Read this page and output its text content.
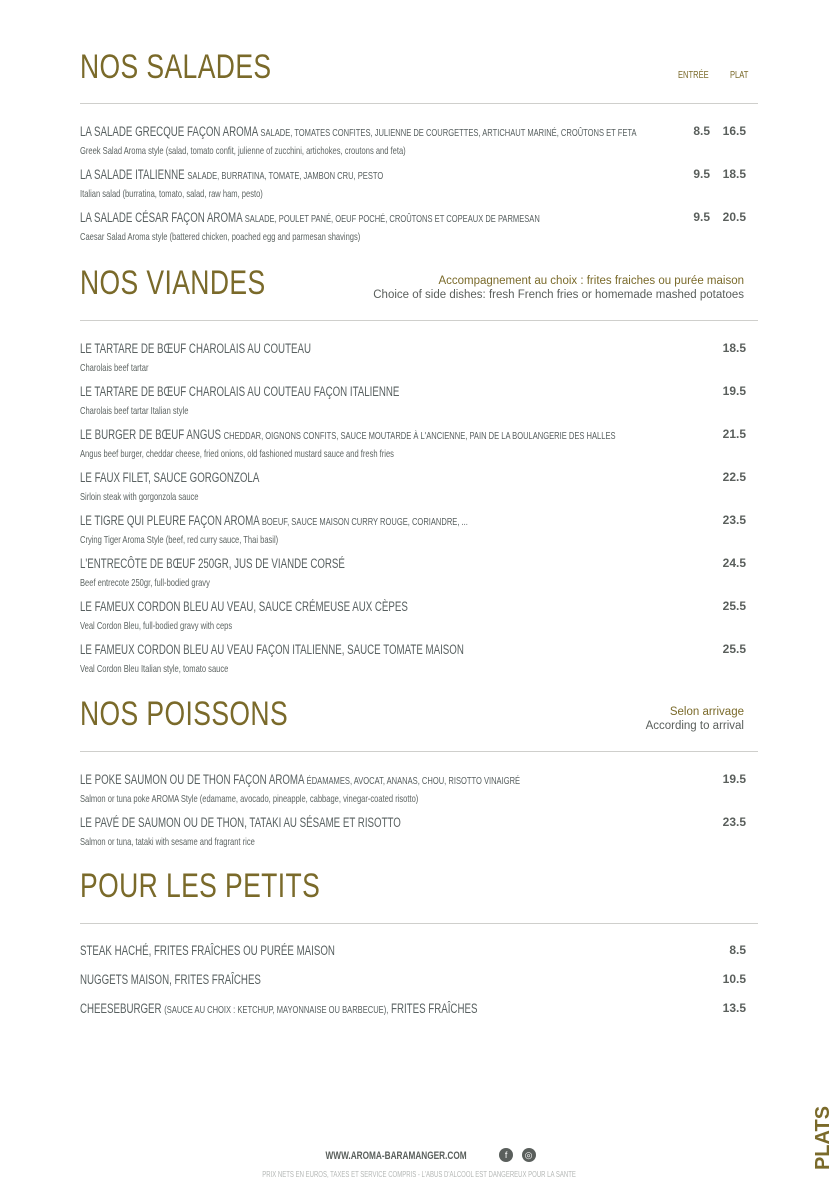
NOS SALADES	ENTRÉE	PLAT
LA SALADE GRECQUE FAÇON AROMA SALADE, TOMATES CONFITES, JULIENNE DE COURGETTES, ARTICHAUT MARINÉ, CROÛTONS ET FETA
Greek Salad Aroma style (salad, tomato confit, julienne of zucchini, artichokes, croutons and feta)
8.5	16.5
LA SALADE ITALIENNE SALADE, BURRATINA, TOMATE, JAMBON CRU, PESTO
Italian salad (burratina, tomato, salad, raw ham, pesto)
9.5	18.5
LA SALADE CÉSAR FAÇON AROMA SALADE, POULET PANÉ, OEUF POCHÉ, CROÛTONS ET COPEAUX DE PARMESAN
Caesar Salad Aroma style (battered chicken, poached egg and parmesan shavings)
9.5	20.5
NOS VIANDES	Accompagnement au choix : frites fraiches ou purée maison
Choice of side dishes: fresh French fries or homemade mashed potatoes
LE TARTARE DE BŒUF CHAROLAIS AU COUTEAU
Charolais beef tartar
18.5
LE TARTARE DE BŒUF CHAROLAIS AU COUTEAU FAÇON ITALIENNE
Charolais beef tartar Italian style
19.5
LE BURGER DE BŒUF ANGUS CHEDDAR, OIGNONS CONFITS, SAUCE MOUTARDE À L'ANCIENNE, PAIN DE LA BOULANGERIE DES HALLES
Angus beef burger, cheddar cheese, fried onions, old fashioned mustard sauce and fresh fries
21.5
LE FAUX FILET, SAUCE GORGONZOLA
Sirloin steak with gorgonzola sauce
22.5
LE TIGRE QUI PLEURE FAÇON AROMA BOEUF, SAUCE MAISON CURRY ROUGE, CORIANDRE, ...
Crying Tiger Aroma Style (beef, red curry sauce, Thai basil)
23.5
L'ENTRECÔTE DE BŒUF 250GR, JUS DE VIANDE CORSÉ
Beef entrecote 250gr, full-bodied gravy
24.5
LE FAMEUX CORDON BLEU AU VEAU, SAUCE CRÉMEUSE AUX CÈPES
Veal Cordon Bleu, full-bodied gravy with ceps
25.5
LE FAMEUX CORDON BLEU AU VEAU FAÇON ITALIENNE, SAUCE TOMATE MAISON
Veal Cordon Bleu Italian style, tomato sauce
25.5
NOS POISSONS	Selon arrivage
According to arrival
LE POKE SAUMON OU DE THON FAÇON AROMA ÉDAMAMES, AVOCAT, ANANAS, CHOU, RISOTTO VINAIGRÉ
Salmon or tuna poke AROMA Style (edamame, avocado, pineapple, cabbage, vinegar-coated risotto)
19.5
LE PAVÉ DE SAUMON OU DE THON, TATAKI AU SÉSAME ET RISOTTO
Salmon or tuna, tataki with sesame and fragrant rice
23.5
POUR LES PETITS
STEAK HACHÉ, FRITES FRAÎCHES OU PURÉE MAISON	8.5
NUGGETS MAISON, FRITES FRAÎCHES	10.5
CHEESEBURGER (SAUCE AU CHOIX : KETCHUP, MAYONNAISE OU BARBECUE), FRITES FRAÎCHES	13.5
WWW.AROMA-BARAMANGER.COM	f ◎
PRIX NETS EN EUROS, TAXES ET SERVICE COMPRIS - L'ABUS D'ALCOOL EST DANGEREUX POUR LA SANTE
PLATS
